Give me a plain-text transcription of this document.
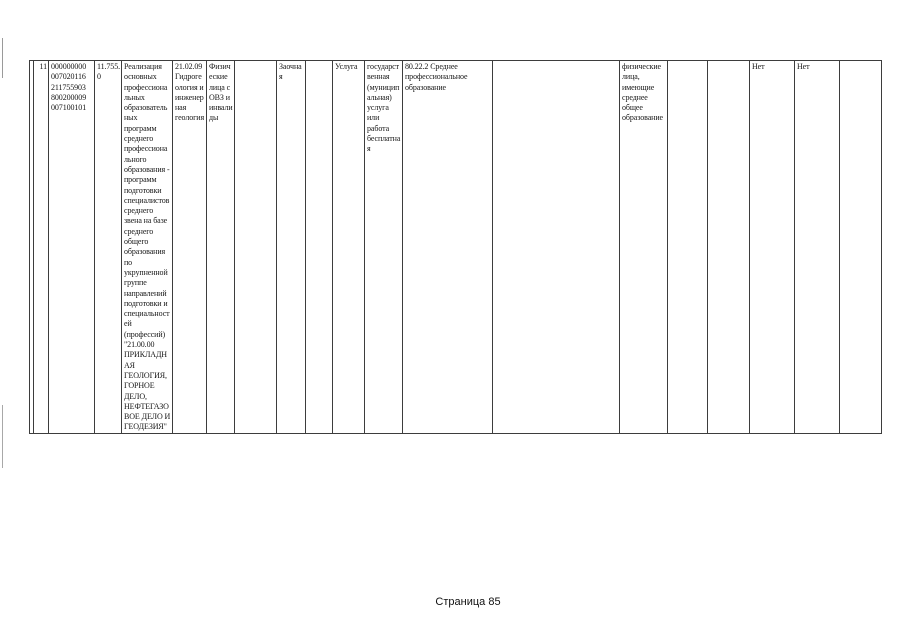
	11	000000000 007020116 211755903 800200009 007100101	11.755.0	Реализация основных профессиональных образовательных программ среднего профессионального образования - программ подготовки специалистов среднего звена на базе среднего общего образования по укрупненной группе направлений подготовки и специальностей (профессий) "21.00.00 ПРИКЛАДНАЯ ГЕОЛОГИЯ, ГОРНОЕ ДЕЛО, НЕФТЕГАЗОВОЕ ДЕЛО И ГЕОДЕЗИЯ"	21.02.09 Гидрогеология и инженерная геология	Физические лица с ОВЗ и инвалиды		Заочная		Услуга	государственная (муниципальная) услуга или работа бесплатная	80.22.2 Среднее профессиональное образование		физические лица, имеющие среднее общее образование			Нет	Нет	
Страница 85
